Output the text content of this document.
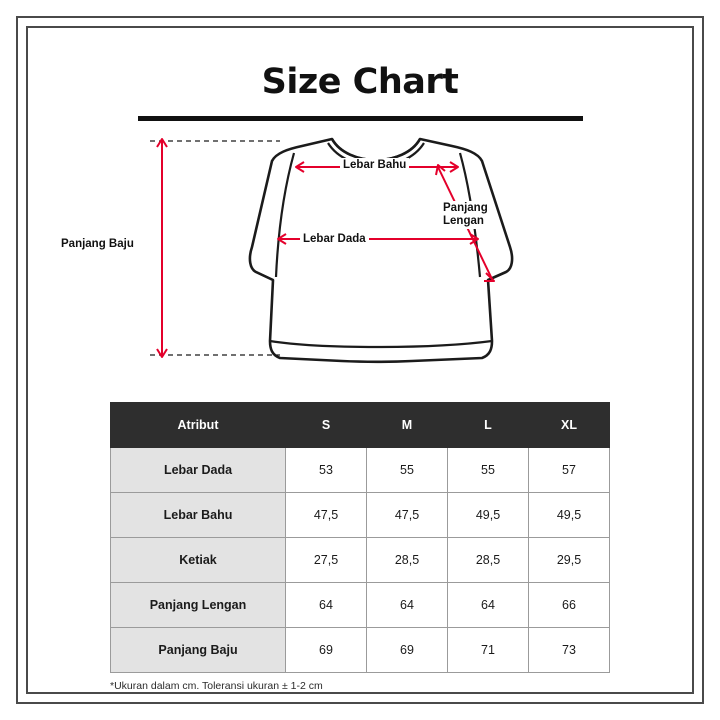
Size Chart
Panjang Baju
Lebar Bahu
Lebar Dada
Panjang
Lengan
Atribut	S	M	L	XL
Lebar Dada	53	55	55	57
Lebar Bahu	47,5	47,5	49,5	49,5
Ketiak	27,5	28,5	28,5	29,5
Panjang Lengan	64	64	64	66
Panjang Baju	69	69	71	73
*Ukuran dalam cm. Toleransi ukuran ± 1-2 cm
